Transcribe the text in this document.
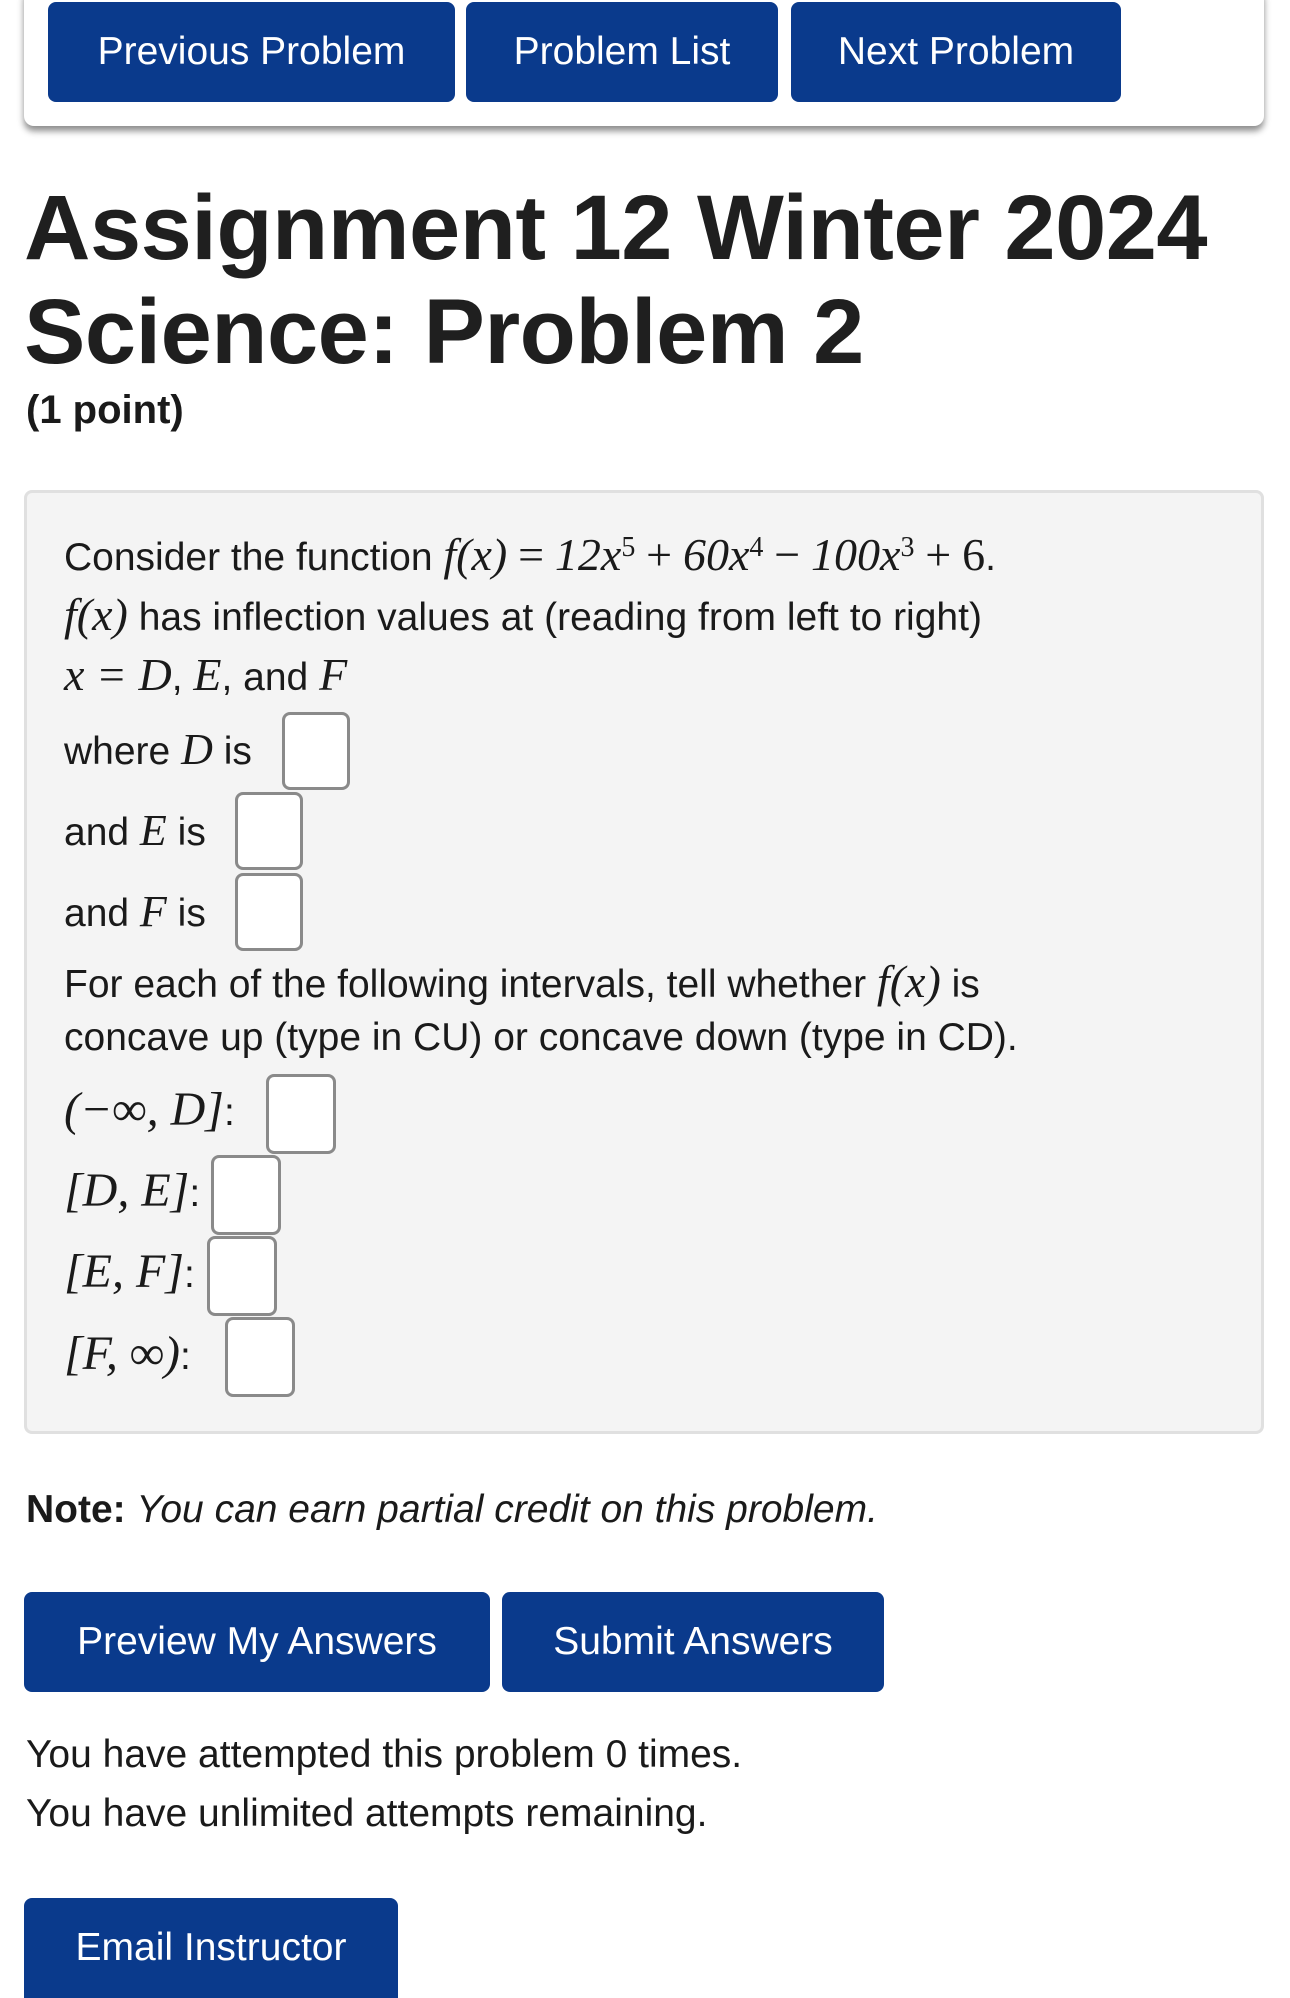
Previous Problem	Problem List	Next Problem
Assignment 12 Winter 2024 Science: Problem 2
(1 point)
Consider the function $f(x) = 12x^5 + 60x^4 - 100x^3 + 6$.
f(x) has inflection values at (reading from left to right)
x = D, E, and F
where D is
and E is
and F is
For each of the following intervals, tell whether f(x) is
concave up (type in CU) or concave down (type in CD).
(−∞, D]:
[D, E]:
[E, F]:
[F, ∞):
Note: You can earn partial credit on this problem.
Preview My Answers	Submit Answers
You have attempted this problem 0 times.
You have unlimited attempts remaining.
Email Instructor
